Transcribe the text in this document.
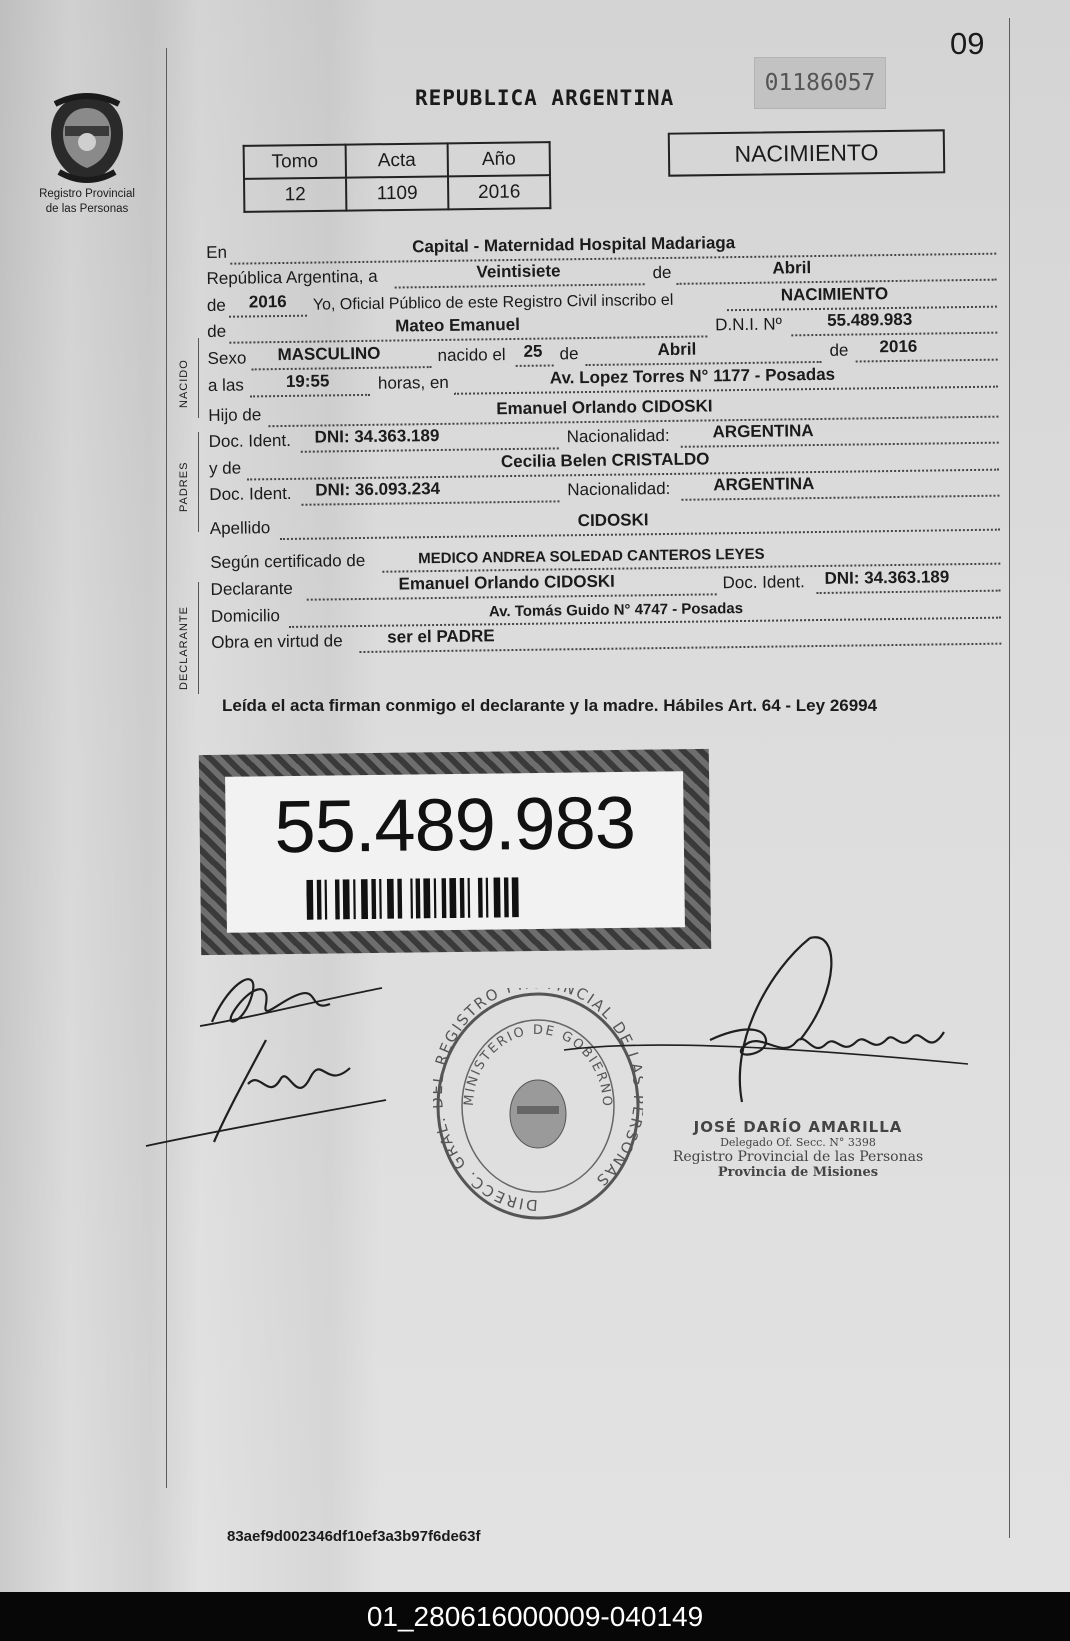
09
Registro Provincial
de las Personas
REPUBLICA ARGENTINA
01186057
Tomo	Acta	Año
12	1109	2016
NACIMIENTO
NACIDO
PADRES
DECLARANTE
En	Capital - Maternidad Hospital Madariaga
República Argentina, a	Veintisiete	de	Abril
de 2016 Yo, Oficial Público de este Registro Civil inscribo el	NACIMIENTO
de	Mateo Emanuel	D.N.I. Nº	55.489.983
Sexo MASCULINO	nacido el 25 de	Abril	de 2016
a las 19:55	horas, en	Av. Lopez Torres N° 1177 - Posadas
Hijo de	Emanuel Orlando CIDOSKI
Doc. Ident. DNI: 34.363.189	Nacionalidad:	ARGENTINA
y de	Cecilia Belen CRISTALDO
Doc. Ident. DNI: 36.093.234	Nacionalidad:	ARGENTINA
Apellido	CIDOSKI
Según certificado de	MEDICO ANDREA SOLEDAD CANTEROS LEYES
Declarante	Emanuel Orlando CIDOSKI	Doc. Ident. DNI: 34.363.189
Domicilio	Av. Tomás Guido N° 4747 - Posadas
Obra en virtud de	ser el PADRE
Leída el acta firman conmigo el declarante y la madre. Hábiles Art. 64 - Ley 26994
55.489.983
DIRECC. GRAL REGISTRO NCIAL DE L SONAS
MINISTERIO DE GOBIERNO
JOSÉ DARÍO AMARILLA
Delegado Of. Secc. N° 3398
Registro Provincial de las Personas
Provincia de Misiones
83aef9d002346df10ef3a3b97f6de63f
01_280616000009-040149
